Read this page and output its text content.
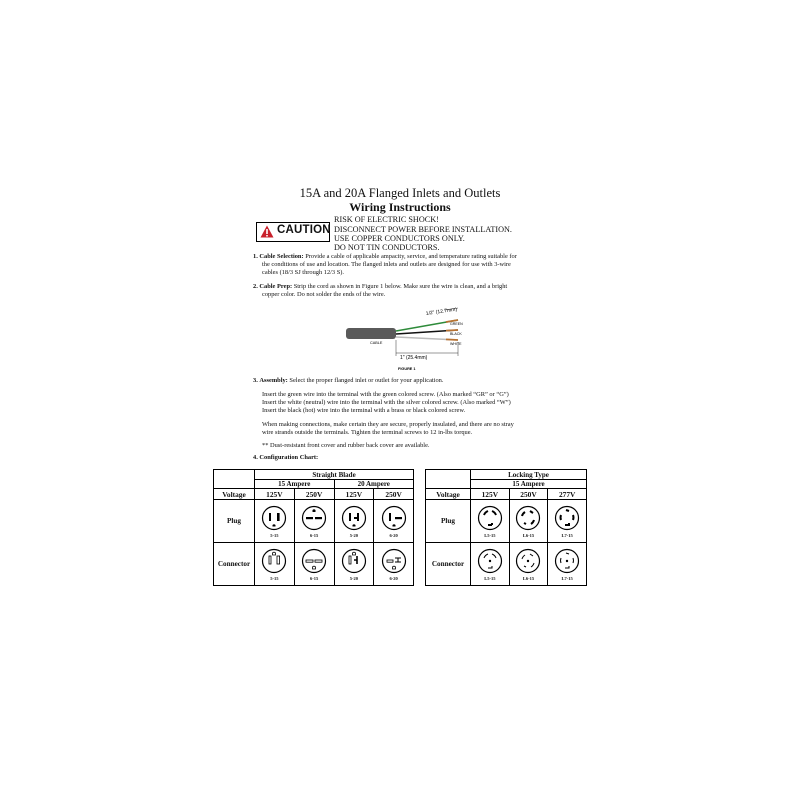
15A and 20A Flanged Inlets and Outlets
Wiring Instructions
CAUTION
RISK OF ELECTRIC SHOCK!
DISCONNECT POWER BEFORE INSTALLATION.
USE COPPER CONDUCTORS ONLY.
DO NOT TIN CONDUCTORS.
1. Cable Selection: Provide a cable of applicable ampacity, service, and temperature rating suitable for
the conditions of use and location. The flanged inlets and outlets are designed for use with 3-wire
cables (18/3 SJ through 12/3 S).
2. Cable Prep: Strip the cord as shown in Figure 1 below. Make sure the wire is clean, and a bright
copper color. Do not solder the ends of the wire.
CABLE
GREEN
BLACK
WHITE
1/2" (12.7mm)
1" (25.4mm)
FIGURE 1
3. Assembly: Select the proper flanged inlet or outlet for your application.
Insert the green wire into the terminal with the green colored screw. (Also marked “GR” or “G”)
Insert the white (neutral) wire into the terminal with the silver colored screw. (Also marked “W”)
Insert the black (hot) wire into the terminal with a brass or black colored screw.
When making connections, make certain they are secure, properly insulated, and there are no stray
wire strands outside the terminals. Tighten the terminal screws to 12 in-lbs torque.
** Dust-resistant front cover and rubber back cover are available.
4. Configuration Chart:
	Straight Blade			
	15 Ampere		20 Ampere	
Voltage	125V	250V	125V	250V
Plug	5-15	6-15	5-20	6-20

Connector	5-15	6-15	5-20	6-20
	Locking Type		
	15 Ampere		
Voltage	125V	250V	277V
Plug	L5-15	L6-15	L7-15

Connector	L5-15	L6-15	L7-15
